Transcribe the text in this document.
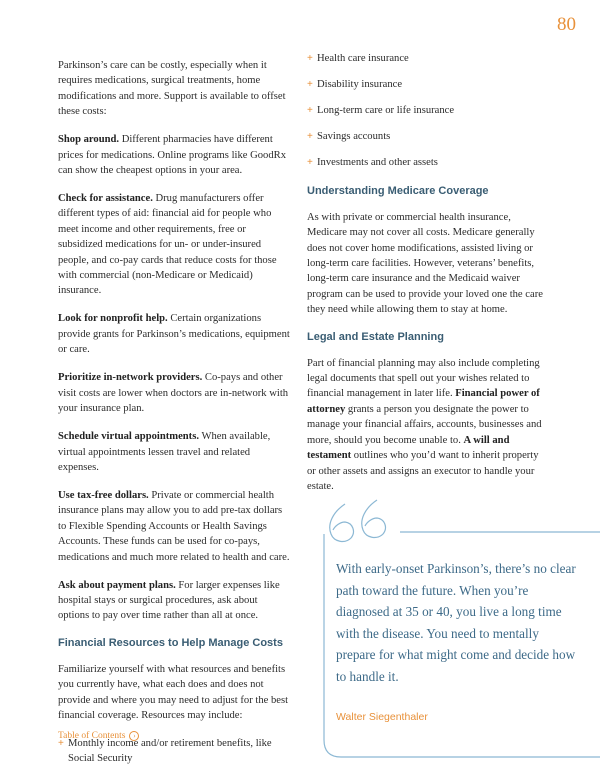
80

Parkinson’s care can be costly, especially when it requires medications, surgical treatments, home modifications and more. Support is available to offset these costs:

Shop around. Different pharmacies have different prices for medications. Online programs like GoodRx can show the cheapest options in your area.

Check for assistance. Drug manufacturers offer different types of aid: financial aid for people who meet income and other requirements, free or subsidized medications for un- or under-insured people, and co-pay cards that reduce costs for those with commercial (non-Medicare or Medicaid) insurance.

Look for nonprofit help. Certain organizations provide grants for Parkinson’s medications, equipment or care.

Prioritize in-network providers. Co-pays and other visit costs are lower when doctors are in-network with your insurance plan.

Schedule virtual appointments. When available, virtual appointments lessen travel and related expenses.

Use tax-free dollars. Private or commercial health insurance plans may allow you to add pre-tax dollars to Flexible Spending Accounts or Health Savings Accounts. These funds can be used for co-pays, medications and much more related to health and care.

Ask about payment plans. For larger expenses like hospital stays or surgical procedures, ask about options to pay over time rather than all at once.

Financial Resources to Help Manage Costs

Familiarize yourself with what resources and benefits you currently have, what each does and does not provide and where you may need to adjust for the best financial coverage. Resources may include:

+ Monthly income and/or retirement benefits, like Social Security
+ Health care insurance
+ Disability insurance
+ Long-term care or life insurance
+ Savings accounts
+ Investments and other assets
Understanding Medicare Coverage

As with private or commercial health insurance, Medicare may not cover all costs. Medicare generally does not cover home modifications, assisted living or long-term care facilities. However, veterans’ benefits, long-term care insurance and the Medicaid waiver program can be used to provide your loved one the care they need while allowing them to stay at home.

Legal and Estate Planning

Part of financial planning may also include completing legal documents that spell out your wishes related to financial management in later life. Financial power of attorney grants a person you designate the power to manage your financial affairs, accounts, businesses and more, should you become unable to. A will and testament outlines who you’d want to inherit property or other assets and assigns an executor to handle your estate.

With early-onset Parkinson’s, there’s no clear path toward the future. When you’re diagnosed at 35 or 40, you live a long time with the disease. You need to mentally prepare for what might come and decide how to handle it.
Walter Siegenthaler
Table of Contents	›
